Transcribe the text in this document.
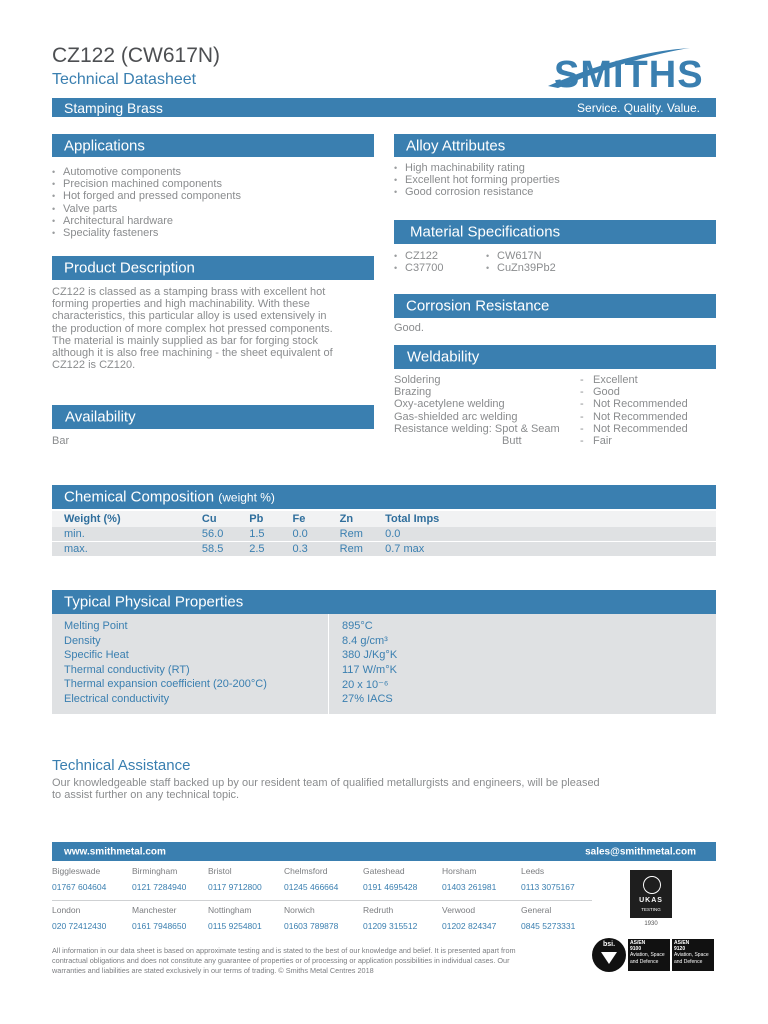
CZ122 (CW617N)
Technical Datasheet	SMITHS
Stamping Brass	Service. Quality. Value.
Applications
• Automotive components
• Precision machined components
• Hot forged and pressed components
• Valve parts
• Architectural hardware
• Speciality fasteners
Product Description
CZ122 is classed as a stamping brass with excellent hot
forming properties and high machinability. With these
characteristics, this particular alloy is used extensively in
the production of more complex hot pressed components.
The material is mainly supplied as bar for forging stock
although it is also free machining - the sheet equivalent of
CZ122 is CZ120.
Availability
Bar
Alloy Attributes
• High machinability rating
• Excellent hot forming properties
• Good corrosion resistance
Material Specifications
• CZ122
• C37700
• CW617N
• CuZn39Pb2
Corrosion Resistance
Good.
Weldability
Soldering	- Excellent
Brazing	- Good
Oxy-acetylene welding	- Not Recommended
Gas-shielded arc welding	- Not Recommended
Resistance welding: Spot & Seam - Not Recommended
Butt	- Fair
Chemical Composition (weight %)
Weight (%)	Cu	Pb	Fe	Zn	Total Imps
min.	56.0	1.5	0.0	Rem	0.0
max.	58.5	2.5	0.3	Rem	0.7 max
Typical Physical Properties
Melting Point	895°C
Density	8.4 g/cm³
Specific Heat	380 J/Kg°K
Thermal conductivity (RT)	117 W/m°K
Thermal expansion coefficient (20-200°C)	20 x 10⁻⁶
Electrical conductivity	27% IACS
Technical Assistance
Our knowledgeable staff backed up by our resident team of qualified metallurgists and engineers, will be pleased
to assist further on any technical topic.
www.smithmetal.com	sales@smithmetal.com
Biggleswade
01767 604604
Birmingham
0121 7284940
Bristol
0117 9712800
Chelmsford
01245 466664
Gateshead
0191 4695428
Horsham
01403 261981
Leeds
0113 3075167
London
020 72412430
Manchester
0161 7948650
Nottingham
0115 9254801
Norwich
01603 789878
Redruth
01209 315512
Verwood
01202 824347
General
0845 5273331
All information in our data sheet is based on approximate testing and is stated to the best of our knowledge and belief. It is presented apart from
contractual obligations and does not constitute any guarantee of properties or of processing or application possibilities in individual cases. Our
warranties and liabilities are stated exclusively in our terms of trading. © Smiths Metal Centres 2018
UKAS
TESTING
1930
bsi.	AS/EN
9100
Aviation, Space
and Defence
AS/EN
9120
Aviation, Space
and Defence
